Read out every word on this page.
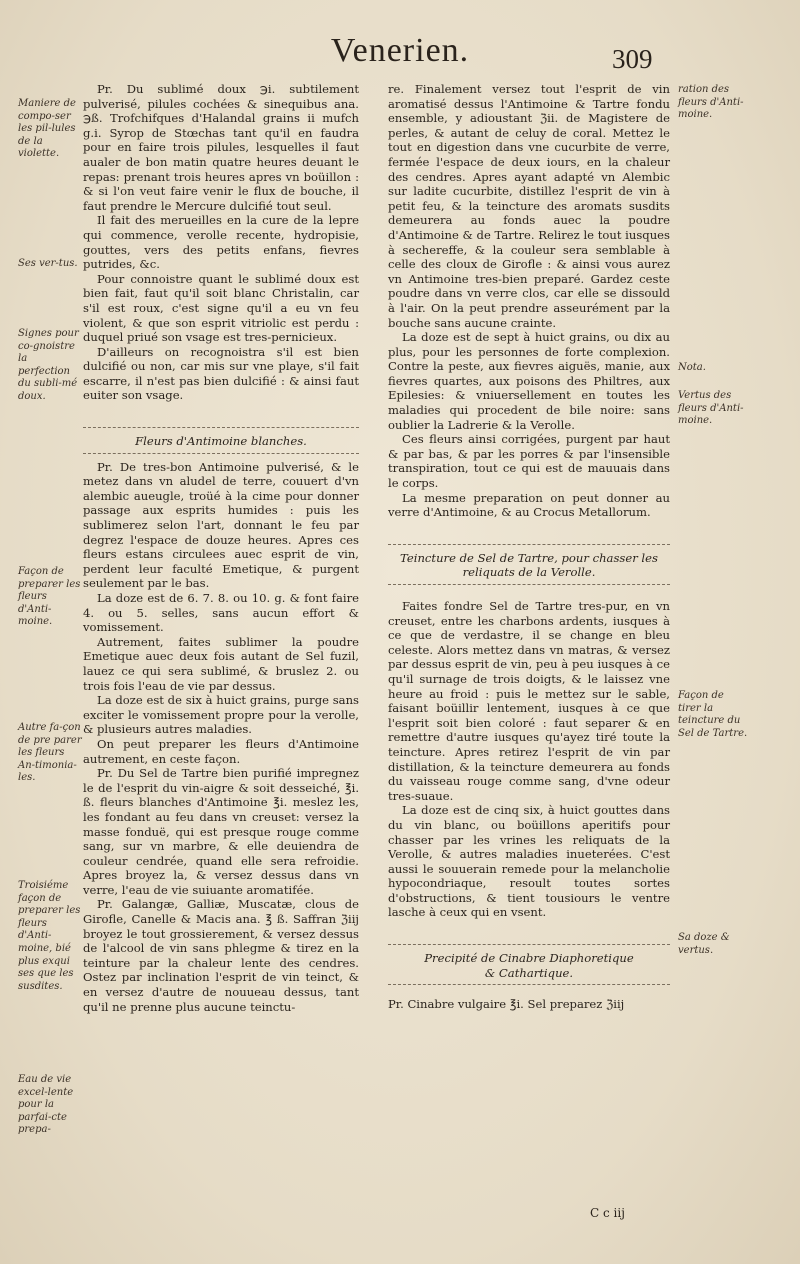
Venerien.	309
Maniere de compo-ser les pil-lules de la violette.
Ses ver-tus.
Signes pour co-gnoistre la perfection du subli-mé doux.
Façon de preparer les fleurs d'Anti-moine.
Autre fa-çon de pre parer les fleurs An-timonia-les.
Troisiéme façon de preparer les fleurs d'Anti-moine, bié plus exqui ses que les susdites.
Eau de vie excel-lente pour la parfai-cte prepa-
ration des fleurs d'Anti-moine.
Nota.
Vertus des fleurs d'Anti-moine.
Façon de tirer la teincture du Sel de Tartre.
Sa doze & vertus.

Pr. Du sublimé doux ℈i. subtilement pulverisé, pilules cochées & sinequibus ana. ℈ß. Trofchifques d'Halandal grains ii mufch g.i. Syrop de Stœchas tant qu'il en faudra pour en faire trois pilules, lesquelles il faut aualer de bon matin quatre heures deuant le repas: prenant trois heures apres vn boüillon : & si l'on veut faire venir le flux de bouche, il faut prendre le Mercure dulcifié tout seul.

Il fait des merueilles en la cure de la lepre qui commence, verolle recente, hydropisie, gouttes, vers des petits enfans, fievres putrides, &c.

Pour connoistre quant le sublimé doux est bien fait, faut qu'il soit blanc Christalin, car s'il est roux, c'est signe qu'il a eu vn feu violent, & que son esprit vitriolic est perdu : duquel priué son vsage est tres-pernicieux.

D'ailleurs on recognoistra s'il est bien dulcifié ou non, car mis sur vne playe, s'il fait escarre, il n'est pas bien dulcifié : & ainsi faut euiter son vsage.

Fleurs d'Antimoine blanches.

Pr. De tres-bon Antimoine pulverisé, & le metez dans vn aludel de terre, couuert d'vn alembic aueugle, troüé à la cime pour donner passage aux esprits humides : puis les sublimerez selon l'art, donnant le feu par degrez l'espace de douze heures. Apres ces fleurs estans circulees auec esprit de vin, perdent leur faculté Emetique, & purgent seulement par le bas.

La doze est de 6. 7. 8. ou 10. g. & font faire 4. ou 5. selles, sans aucun effort & vomissement.

Autrement, faites sublimer la poudre Emetique auec deux fois autant de Sel fuzil, lauez ce qui sera sublimé, & bruslez 2. ou trois fois l'eau de vie par dessus.

La doze est de six à huict grains, purge sans exciter le vomissement propre pour la verolle, & plusieurs autres maladies.

On peut preparer les fleurs d'Antimoine autrement, en ceste façon.

Pr. Du Sel de Tartre bien purifié impregnez le de l'esprit du vin-aigre & soit desseiché, ℥i. ß. fleurs blanches d'Antimoine ℥i. meslez les, les fondant au feu dans vn creuset: versez la masse fonduë, qui est presque rouge comme sang, sur vn marbre, & elle deuiendra de couleur cendrée, quand elle sera refroidie. Apres broyez la, & versez dessus dans vn verre, l'eau de vie suiuante aromatifée.

Pr. Galangæ, Galliæ, Muscatæ, clous de Girofle, Canelle & Macis ana. ℥ ß. Saffran ℨiij broyez le tout grossierement, & versez dessus de l'alcool de vin sans phlegme & tirez en la teinture par la chaleur lente des cendres. Ostez par inclination l'esprit de vin teinct, & en versez d'autre de nouueau dessus, tant qu'il ne prenne plus aucune teinctu-

re. Finalement versez tout l'esprit de vin aromatisé dessus l'Antimoine & Tartre fondu ensemble, y adioustant ℨii. de Magistere de perles, & autant de celuy de coral. Mettez le tout en digestion dans vne cucurbite de verre, fermée l'espace de deux iours, en la chaleur des cendres. Apres ayant adapté vn Alembic sur ladite cucurbite, distillez l'esprit de vin à petit feu, & la teincture des aromats susdits demeurera au fonds auec la poudre d'Antimoine & de Tartre. Relirez le tout iusques à sechereffe, & la couleur sera semblable à celle des cloux de Girofle : & ainsi vous aurez vn Antimoine tres-bien preparé. Gardez ceste poudre dans vn verre clos, car elle se dissould à l'air. On la peut prendre asseurément par la bouche sans aucune crainte.

La doze est de sept à huict grains, ou dix au plus, pour les personnes de forte complexion. Contre la peste, aux fievres aiguës, manie, aux fievres quartes, aux poisons des Philtres, aux Epilesies: & vniuersellement en toutes les maladies qui procedent de bile noire: sans oublier la Ladrerie & la Verolle.

Ces fleurs ainsi corrigées, purgent par haut & par bas, & par les porres & par l'insensible transpiration, tout ce qui est de mauuais dans le corps.

La mesme preparation on peut donner au verre d'Antimoine, & au Crocus Metallorum.

Teincture de Sel de Tartre, pour chasser les
reliquats de la Verolle.

Faites fondre Sel de Tartre tres-pur, en vn creuset, entre les charbons ardents, iusques à ce que de verdastre, il se change en bleu celeste. Alors mettez dans vn matras, & versez par dessus esprit de vin, peu à peu iusques à ce qu'il surnage de trois doigts, & le laissez vne heure au froid : puis le mettez sur le sable, faisant boüillir lentement, iusques à ce que l'esprit soit bien coloré : faut separer & en remettre d'autre iusques qu'ayez tiré toute la teincture. Apres retirez l'esprit de vin par distillation, & la teincture demeurera au fonds du vaisseau rouge comme sang, d'vne odeur tres-suaue.

La doze est de cinq six, à huict gouttes dans du vin blanc, ou boüillons aperitifs pour chasser par les vrines les reliquats de la Verolle, & autres maladies inueterées. C'est aussi le souuerain remede pour la melancholie hypocondriaque, resoult toutes sortes d'obstructions, & tient tousiours le ventre lasche à ceux qui en vsent.

Precipité de Cinabre Diaphoretique
& Cathartique.

Pr. Cinabre vulgaire ℥i. Sel preparez ℨiij

C c iij
